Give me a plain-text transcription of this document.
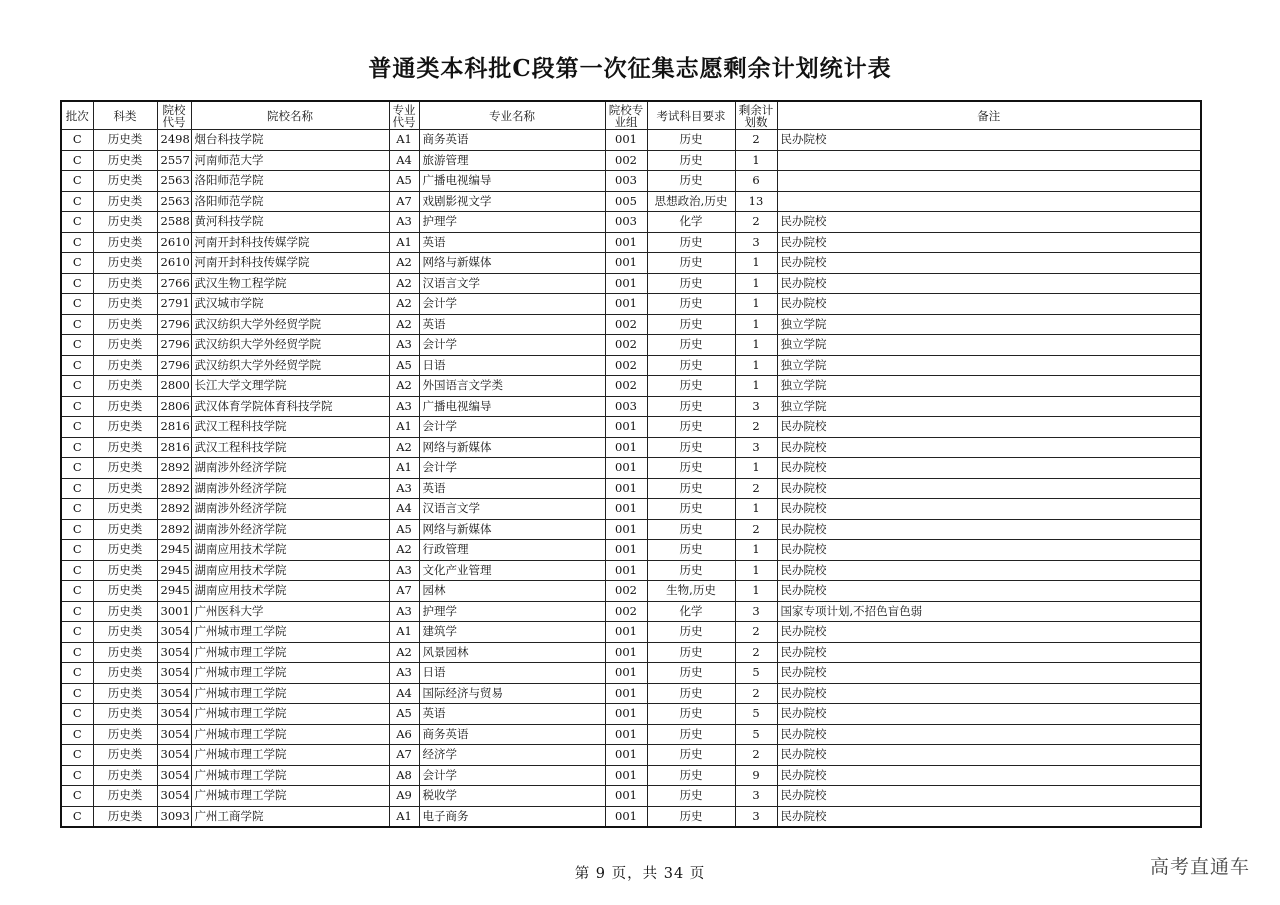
普通类本科批C段第一次征集志愿剩余计划统计表
批次	科类	院校代号	院校名称	专业代号	专业名称	院校专业组	考试科目要求	剩余计划数	备注
C	历史类	2498	烟台科技学院	A1	商务英语	001	历史	2	民办院校
C	历史类	2557	河南师范大学	A4	旅游管理	002	历史	1	
C	历史类	2563	洛阳师范学院	A5	广播电视编导	003	历史	6	
C	历史类	2563	洛阳师范学院	A7	戏剧影视文学	005	思想政治,历史	13	
C	历史类	2588	黄河科技学院	A3	护理学	003	化学	2	民办院校
C	历史类	2610	河南开封科技传媒学院	A1	英语	001	历史	3	民办院校
C	历史类	2610	河南开封科技传媒学院	A2	网络与新媒体	001	历史	1	民办院校
C	历史类	2766	武汉生物工程学院	A2	汉语言文学	001	历史	1	民办院校
C	历史类	2791	武汉城市学院	A2	会计学	001	历史	1	民办院校
C	历史类	2796	武汉纺织大学外经贸学院	A2	英语	002	历史	1	独立学院
C	历史类	2796	武汉纺织大学外经贸学院	A3	会计学	002	历史	1	独立学院
C	历史类	2796	武汉纺织大学外经贸学院	A5	日语	002	历史	1	独立学院
C	历史类	2800	长江大学文理学院	A2	外国语言文学类	002	历史	1	独立学院
C	历史类	2806	武汉体育学院体育科技学院	A3	广播电视编导	003	历史	3	独立学院
C	历史类	2816	武汉工程科技学院	A1	会计学	001	历史	2	民办院校
C	历史类	2816	武汉工程科技学院	A2	网络与新媒体	001	历史	3	民办院校
C	历史类	2892	湖南涉外经济学院	A1	会计学	001	历史	1	民办院校
C	历史类	2892	湖南涉外经济学院	A3	英语	001	历史	2	民办院校
C	历史类	2892	湖南涉外经济学院	A4	汉语言文学	001	历史	1	民办院校
C	历史类	2892	湖南涉外经济学院	A5	网络与新媒体	001	历史	2	民办院校
C	历史类	2945	湖南应用技术学院	A2	行政管理	001	历史	1	民办院校
C	历史类	2945	湖南应用技术学院	A3	文化产业管理	001	历史	1	民办院校
C	历史类	2945	湖南应用技术学院	A7	园林	002	生物,历史	1	民办院校
C	历史类	3001	广州医科大学	A3	护理学	002	化学	3	国家专项计划,不招色盲色弱
C	历史类	3054	广州城市理工学院	A1	建筑学	001	历史	2	民办院校
C	历史类	3054	广州城市理工学院	A2	风景园林	001	历史	2	民办院校
C	历史类	3054	广州城市理工学院	A3	日语	001	历史	5	民办院校
C	历史类	3054	广州城市理工学院	A4	国际经济与贸易	001	历史	2	民办院校
C	历史类	3054	广州城市理工学院	A5	英语	001	历史	5	民办院校
C	历史类	3054	广州城市理工学院	A6	商务英语	001	历史	5	民办院校
C	历史类	3054	广州城市理工学院	A7	经济学	001	历史	2	民办院校
C	历史类	3054	广州城市理工学院	A8	会计学	001	历史	9	民办院校
C	历史类	3054	广州城市理工学院	A9	税收学	001	历史	3	民办院校
C	历史类	3093	广州工商学院	A1	电子商务	001	历史	3	民办院校
第 9 页，共 34 页	高考直通车
